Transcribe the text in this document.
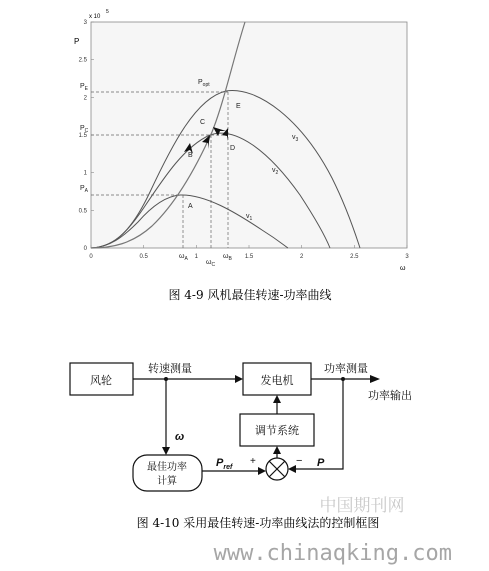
0
0.5
1
1.5
2
2.5
3
0	0.5	1	1.5	2	2.5	3
P
x 10
5
ω
$P_E$
$P_C$
$P_A$
$P_{opt}$
E
C
B
D
A
$v_1$
$v_2$
$v_3$
$\omega_A$	$\omega_C$
$\omega_B$
图 4-9 风机最佳转速-功率曲线
风轮	发电机
调节系统
最佳功率
计算
转速测量	功率测量
功率输出
ω
$P_{ref}$	P
+	−
中国期刊网
图 4-10 采用最佳转速-功率曲线法的控制框图
www.chinaqking.com
